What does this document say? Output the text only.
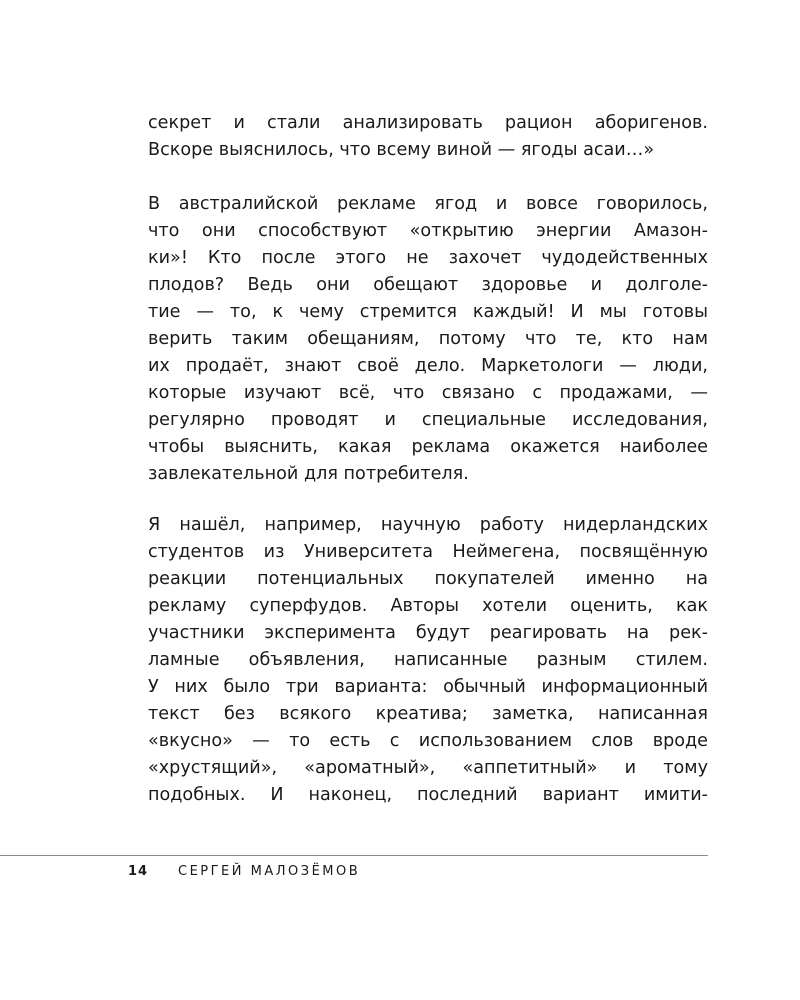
секрет и стали анализировать рацион аборигенов.
Вскоре выяснилось, что всему виной — ягоды асаи…»
В австралийской рекламе ягод и вовсе говорилось,
что они способствуют «открытию энергии Амазон-
ки»! Кто после этого не захочет чудодейственных
плодов? Ведь они обещают здоровье и долголе-
тие — то, к чему стремится каждый! И мы готовы
верить таким обещаниям, потому что те, кто нам
их продаёт, знают своё дело. Маркетологи — люди,
которые изучают всё, что связано с продажами, —
регулярно проводят и специальные исследования,
чтобы выяснить, какая реклама окажется наиболее
завлекательной для потребителя.
Я нашёл, например, научную работу нидерландских
студентов из Университета Неймегена, посвящённую
реакции потенциальных покупателей именно на
рекламу суперфудов. Авторы хотели оценить, как
участники эксперимента будут реагировать на рек-
ламные объявления, написанные разным стилем.
У них было три варианта: обычный информационный
текст без всякого креатива; заметка, написанная
«вкусно» — то есть с использованием слов вроде
«хрустящий», «ароматный», «аппетитный» и тому
подобных. И наконец, последний вариант имити-
14 СЕРГЕЙ МАЛОЗЁМОВ
